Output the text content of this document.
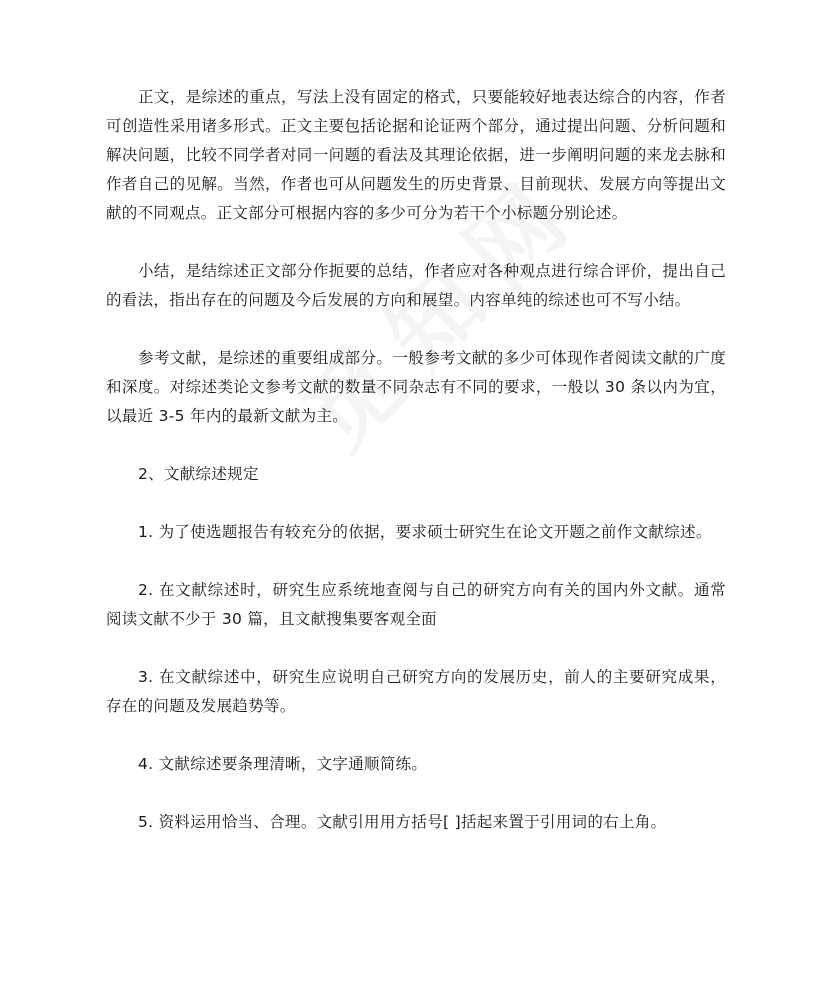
正文，是综述的重点，写法上没有固定的格式，只要能较好地表达综合的内容，作者可创造性采用诸多形式。正文主要包括论据和论证两个部分，通过提出问题、分析问题和解决问题，比较不同学者对同一问题的看法及其理论依据，进一步阐明问题的来龙去脉和作者自己的见解。当然，作者也可从问题发生的历史背景、目前现状、发展方向等提出文献的不同观点。正文部分可根据内容的多少可分为若干个小标题分别论述。

小结，是结综述正文部分作扼要的总结，作者应对各种观点进行综合评价，提出自己的看法，指出存在的问题及今后发展的方向和展望。内容单纯的综述也可不写小结。

参考文献，是综述的重要组成部分。一般参考文献的多少可体现作者阅读文献的广度和深度。对综述类论文参考文献的数量不同杂志有不同的要求，一般以 30 条以内为宜，以最近 3-5 年内的最新文献为主。

2、文献综述规定

1. 为了使选题报告有较充分的依据，要求硕士研究生在论文开题之前作文献综述。

2. 在文献综述时，研究生应系统地查阅与自己的研究方向有关的国内外文献。通常阅读文献不少于 30 篇，且文献搜集要客观全面

3. 在文献综述中，研究生应说明自己研究方向的发展历史，前人的主要研究成果，存在的问题及发展趋势等。

4. 文献综述要条理清晰，文字通顺简练。

5. 资料运用恰当、合理。文献引用用方括号[ ]括起来置于引用词的右上角。
